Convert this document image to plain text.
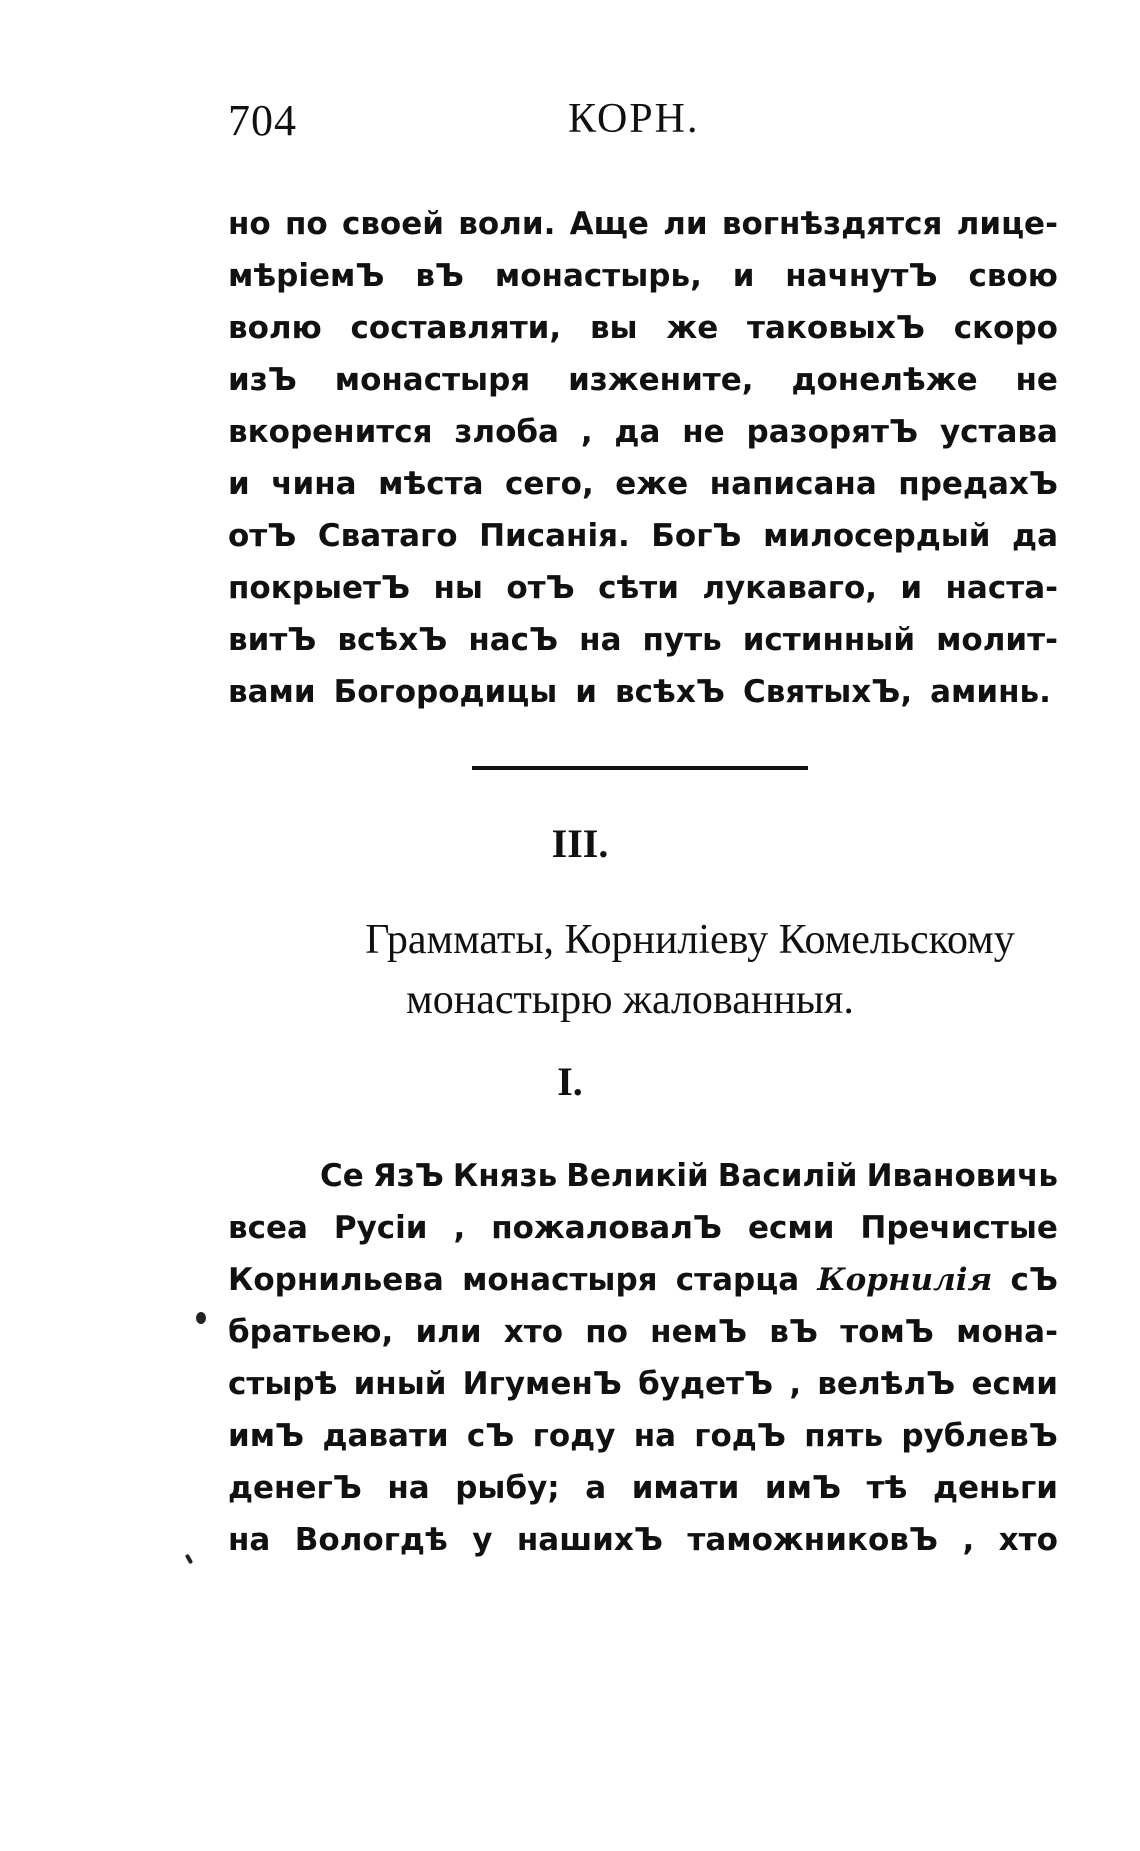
704	КОРН.
но по своей воли. Аще ли вогнѣздятся лице-
мѣріемЪ вЪ монастырь, и начнутЪ свою
волю составляти, вы же таковыхЪ скоро
изЪ монастыря изжените, донелѣже не
вкоренится злоба , да не разорятЪ устава
и чина мѣста сего, еже написана предахЪ
отЪ Сватаго Писанія. БогЪ милосердый да
покрыетЪ ны отЪ сѣти лукаваго, и наста-
витЪ всѣхЪ насЪ на путь истинный молит-
вами Богородицы и всѣхЪ СвятыхЪ, аминь.
III.
Грамматы, Корниліеву Комельскому
монастырю жалованныя.
I.
Се ЯзЪ Князь Великій Василій Ивановичь
всеа Русіи , пожаловалЪ есми Пречистые
Корнильева монастыря старца Корнилія сЪ
братьею, или хто по немЪ вЪ томЪ мона-
стырѣ иный ИгуменЪ будетЪ , велѣлЪ есми
имЪ давати сЪ году на годЪ пять рублевЪ
денегЪ на рыбу; а имати имЪ тѣ деньги
на Вологдѣ у нашихЪ таможниковЪ , хто
